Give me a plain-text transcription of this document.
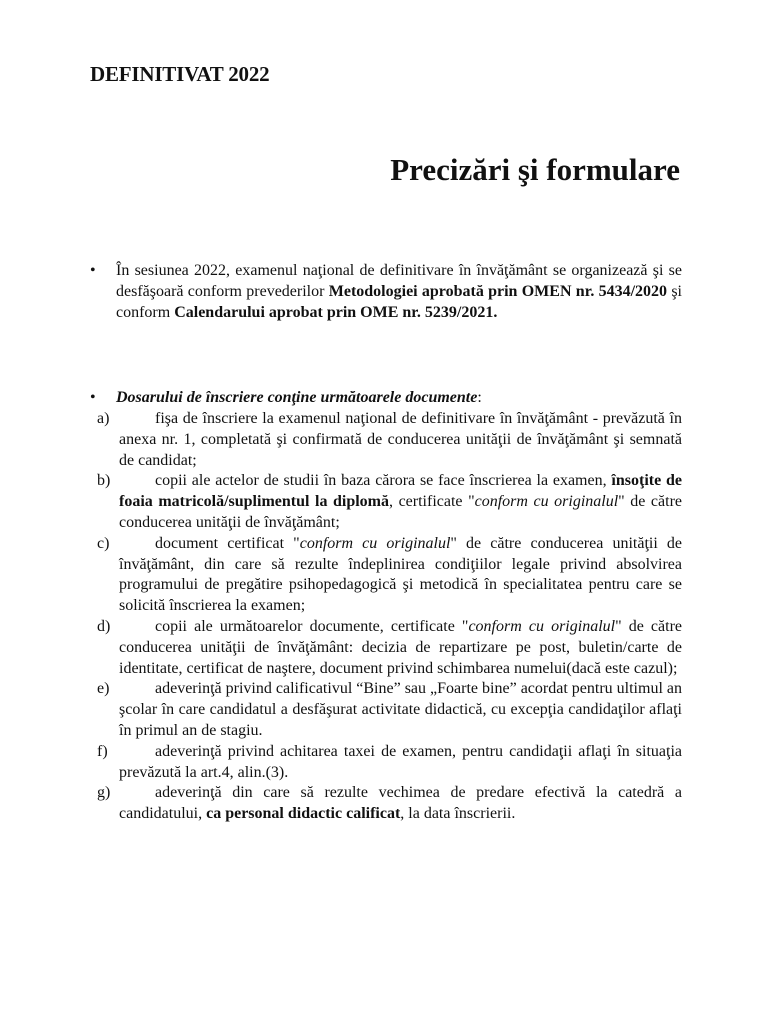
DEFINITIVAT 2022
Precizări şi formulare
•	În sesiunea 2022, examenul naţional de definitivare în învăţământ se organizează şi se desfăşoară conform prevederilor Metodologiei aprobată prin OMEN nr. 5434/2020 şi conform Calendarului aprobat prin OME nr. 5239/2021.
•	Dosarului de înscriere conţine următoarele documente:
a)	fişa de înscriere la examenul naţional de definitivare în învăţământ - prevăzută în anexa nr. 1, completată şi confirmată de conducerea unităţii de învăţământ şi semnată de candidat;
b)	copii ale actelor de studii în baza cărora se face înscrierea la examen, însoţite de foaia matricolă/suplimentul la diplomă, certificate "conform cu originalul" de către conducerea unităţii de învăţământ;
c)	document certificat "conform cu originalul" de către conducerea unităţii de învăţământ, din care să rezulte îndeplinirea condiţiilor legale privind absolvirea programului de pregătire psihopedagogică şi metodică în specialitatea pentru care se solicită înscrierea la examen;
d)	copii ale următoarelor documente, certificate "conform cu originalul" de către conducerea unităţii de învăţământ: decizia de repartizare pe post, buletin/carte de identitate, certificat de naştere, document privind schimbarea numelui(dacă este cazul);
e)	adeverinţă privind calificativul “Bine” sau „Foarte bine” acordat pentru ultimul an şcolar în care candidatul a desfăşurat activitate didactică, cu excepţia candidaţilor aflaţi în primul an de stagiu.
f)	adeverinţă privind achitarea taxei de examen, pentru candidaţii aflaţi în situaţia prevăzută la art.4, alin.(3).
g)	adeverinţă din care să rezulte vechimea de predare efectivă la catedră a candidatului, ca personal didactic calificat, la data înscrierii.
